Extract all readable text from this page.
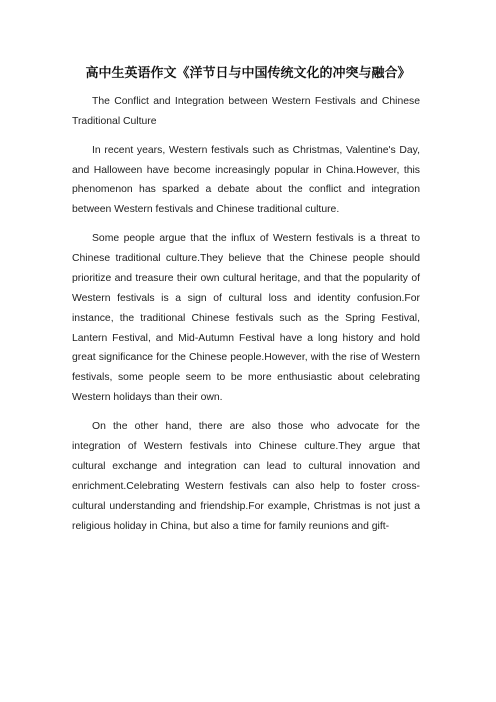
高中生英语作文《洋节日与中国传统文化的冲突与融合》

The Conflict and Integration between Western Festivals and Chinese Traditional Culture

In recent years, Western festivals such as Christmas, Valentine's Day, and Halloween have become increasingly popular in China.However, this phenomenon has sparked a debate about the conflict and integration between Western festivals and Chinese traditional culture.

Some people argue that the influx of Western festivals is a threat to Chinese traditional culture.They believe that the Chinese people should prioritize and treasure their own cultural heritage, and that the popularity of Western festivals is a sign of cultural loss and identity confusion.For instance, the traditional Chinese festivals such as the Spring Festival, Lantern Festival, and Mid-Autumn Festival have a long history and hold great significance for the Chinese people.However, with the rise of Western festivals, some people seem to be more enthusiastic about celebrating Western holidays than their own.

On the other hand, there are also those who advocate for the integration of Western festivals into Chinese culture.They argue that cultural exchange and integration can lead to cultural innovation and enrichment.Celebrating Western festivals can also help to foster cross-cultural understanding and friendship.For example, Christmas is not just a religious holiday in China, but also a time for family reunions and gift-
